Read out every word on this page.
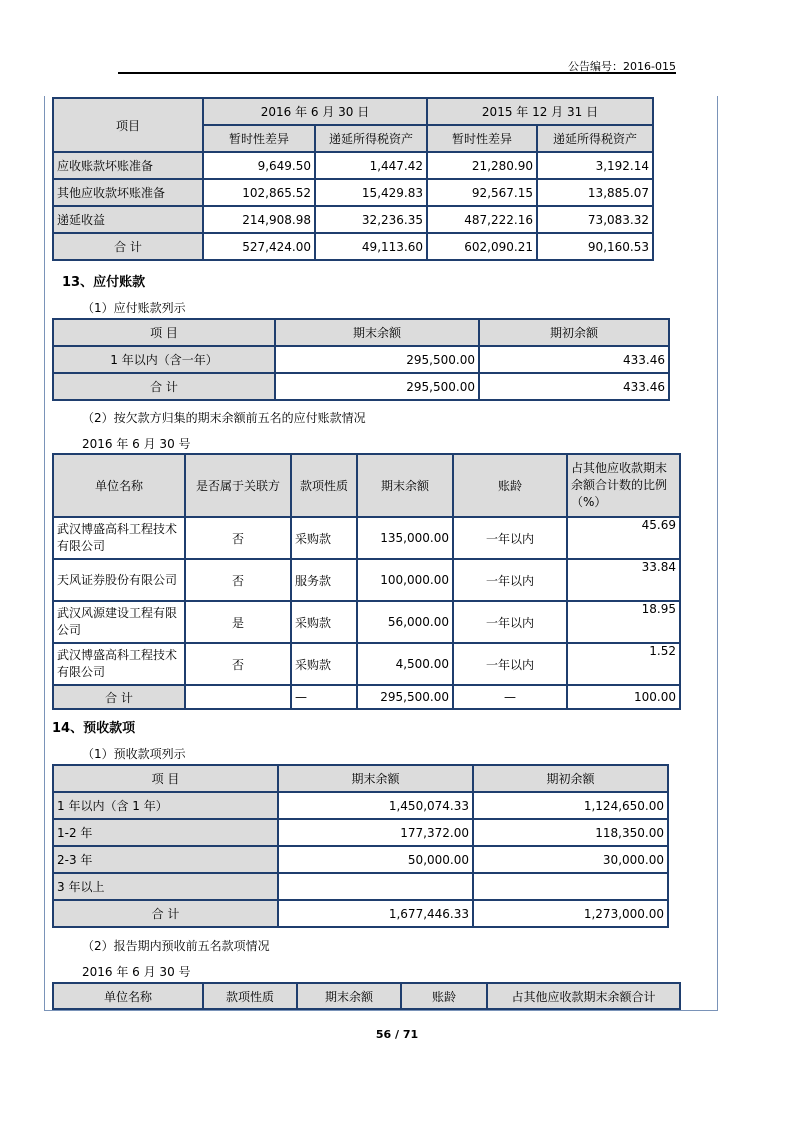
公告编号：2016-015
项目	2016 年 6 月 30 日		2015 年 12 月 31 日	
	暂时性差异	递延所得税资产	暂时性差异	递延所得税资产
应收账款坏账准备	9,649.50	1,447.42	21,280.90	3,192.14
其他应收款坏账准备	102,865.52	15,429.83	92,567.15	13,885.07
递延收益	214,908.98	32,236.35	487,222.16	73,083.32
合 计	527,424.00	49,113.60	602,090.21	90,160.53
13、应付账款
（1）应付账款列示
项 目	期末余额	期初余额
1 年以内（含一年）	295,500.00	433.46
合 计	295,500.00	433.46
（2）按欠款方归集的期末余额前五名的应付账款情况
2016 年 6 月 30 号
单位名称	是否属于关联方	款项性质	期末余额	账龄	占其他应收款期末余额合计数的比例（%）
武汉博盛高科工程技术有限公司	否	采购款	135,000.00	一年以内	45.69
天风证券股份有限公司	否	服务款	100,000.00	一年以内	33.84
武汉风源建设工程有限公司	是	采购款	56,000.00	一年以内	18.95
武汉博盛高科工程技术有限公司	否	采购款	4,500.00	一年以内	1.52
合 计		—	295,500.00	—	100.00
14、预收款项
（1）预收款项列示
项 目	期末余额	期初余额
1 年以内（含 1 年）	1,450,074.33	1,124,650.00
1-2 年	177,372.00	118,350.00
2-3 年	50,000.00	30,000.00
3 年以上		
合 计	1,677,446.33	1,273,000.00
（2）报告期内预收前五名款项情况
2016 年 6 月 30 号
单位名称	款项性质	期末余额	账龄	占其他应收款期末余额合计
56 / 71
